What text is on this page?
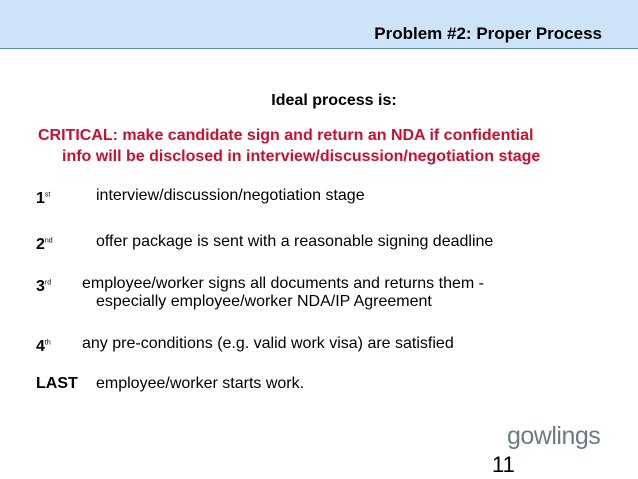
Problem #2: Proper Process
Ideal process is:
CRITICAL: make candidate sign and return an NDA if confidential
info will be disclosed in interview/discussion/negotiation stage
1st	interview/discussion/negotiation stage
2nd	offer package is sent with a reasonable signing deadline
3rd employee/worker signs all documents and returns them -
especially employee/worker NDA/IP Agreement
4th any pre-conditions (e.g. valid work visa) are satisfied
LAST employee/worker starts work.
gowlings
11
